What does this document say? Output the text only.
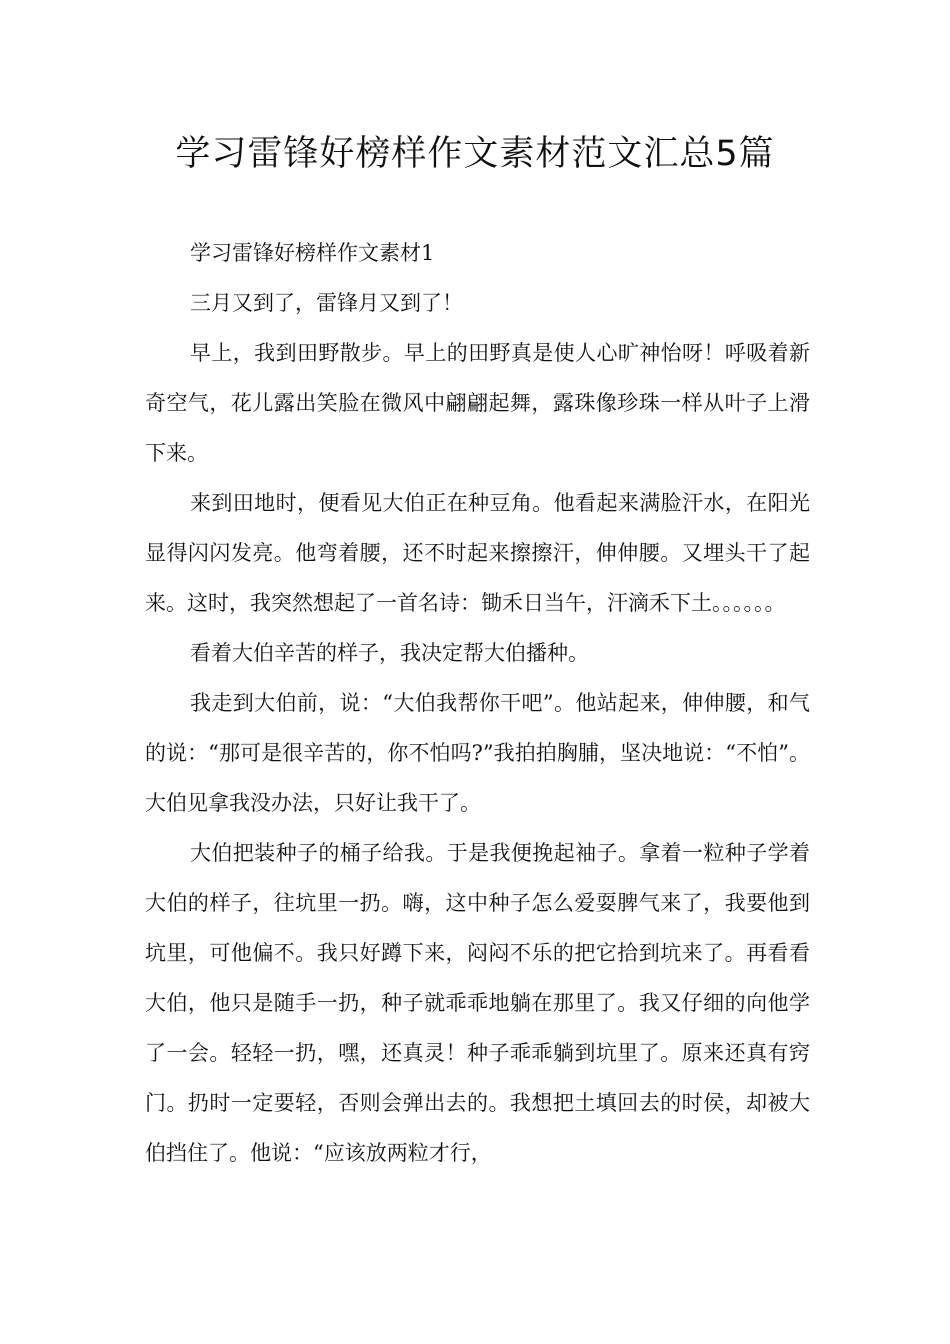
学习雷锋好榜样作文素材范文汇总5篇

学习雷锋好榜样作文素材1

三月又到了，雷锋月又到了！

早上，我到田野散步。早上的田野真是使人心旷神怡呀！呼吸着新奇空气，花儿露出笑脸在微风中翩翩起舞，露珠像珍珠一样从叶子上滑下来。

来到田地时，便看见大伯正在种豆角。他看起来满脸汗水，在阳光显得闪闪发亮。他弯着腰，还不时起来擦擦汗，伸伸腰。又埋头干了起来。这时，我突然想起了一首名诗：锄禾日当午，汗滴禾下土。。。。。。

看着大伯辛苦的样子，我决定帮大伯播种。

我走到大伯前，说：“大伯我帮你干吧”。他站起来，伸伸腰，和气的说：“那可是很辛苦的，你不怕吗?”我拍拍胸脯，坚决地说：“不怕”。大伯见拿我没办法，只好让我干了。

大伯把装种子的桶子给我。于是我便挽起袖子。拿着一粒种子学着大伯的样子，往坑里一扔。嗨，这中种子怎么爱耍脾气来了，我要他到坑里，可他偏不。我只好蹲下来，闷闷不乐的把它拾到坑来了。再看看大伯，他只是随手一扔，种子就乖乖地躺在那里了。我又仔细的向他学了一会。轻轻一扔，嘿，还真灵！种子乖乖躺到坑里了。原来还真有窍门。扔时一定要轻，否则会弹出去的。我想把土填回去的时侯，却被大伯挡住了。他说：“应该放两粒才行，
